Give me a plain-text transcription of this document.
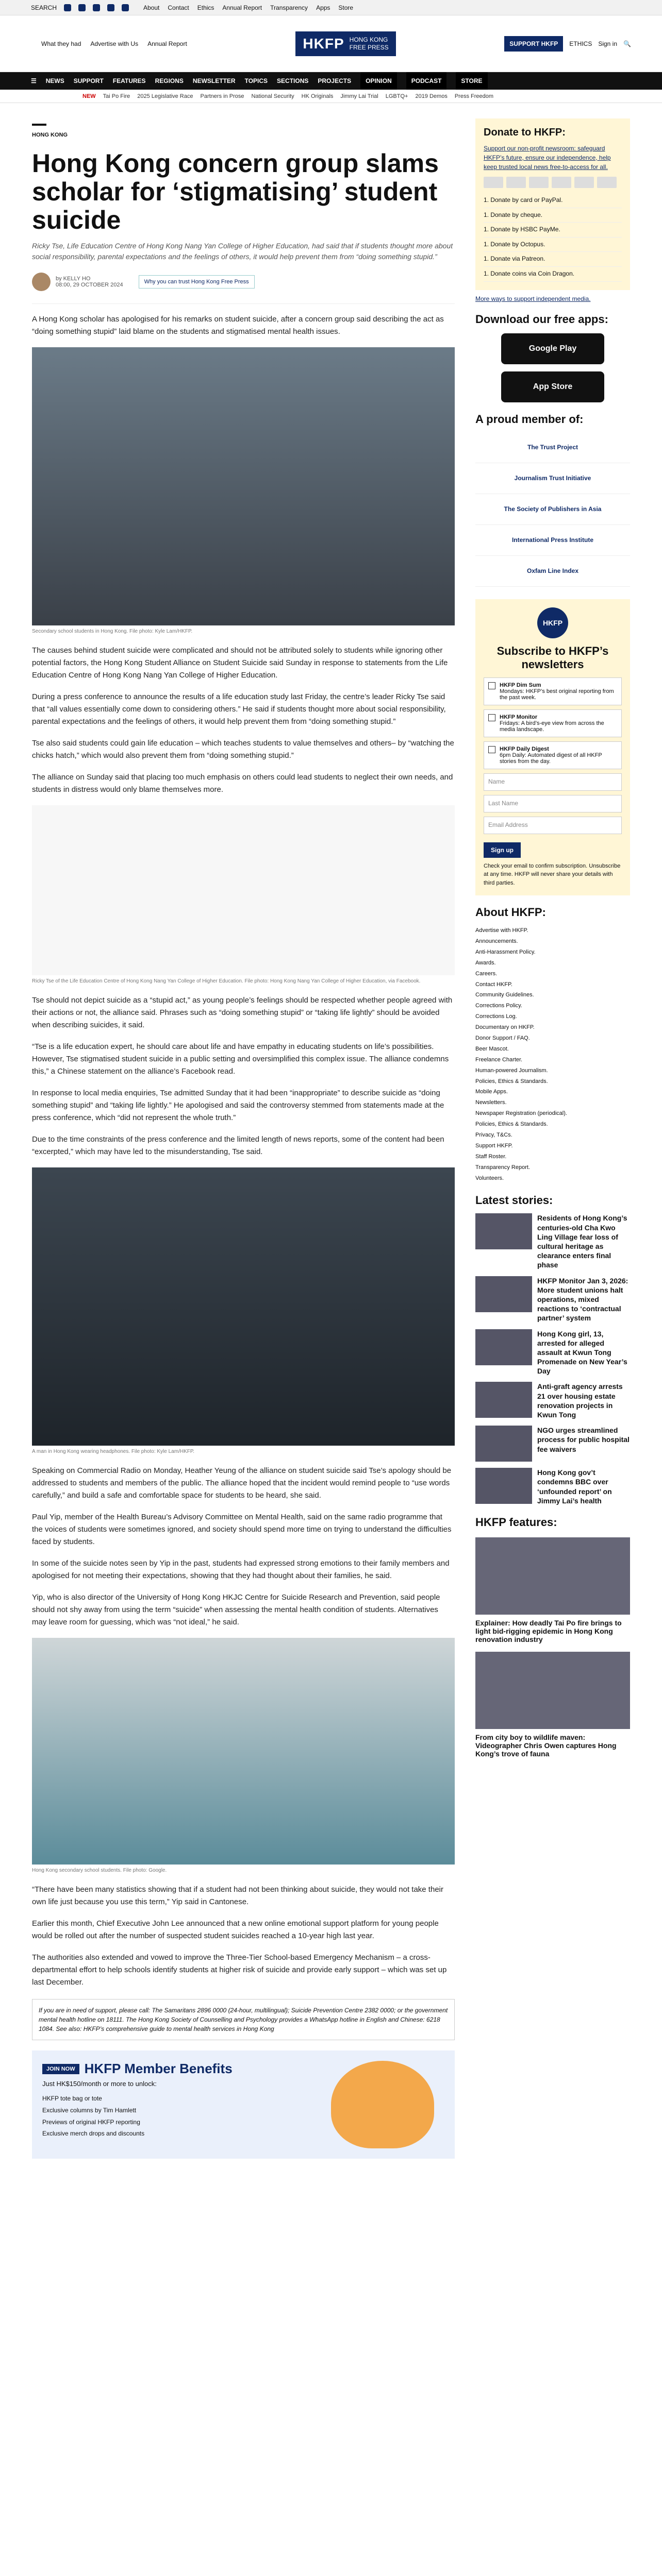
SEARCH	About Contact Ethics Annual Report Transparency Apps Store
What they had Advertise with Us Annual Report	HKFP HONG KONG
FREE PRESS	SUPPORT HKFP	ETHICS Sign in 🔍
☰ NEWS SUPPORT FEATURES REGIONS NEWSLETTER TOPICS SECTIONS PROJECTS	OPINION	PODCAST	STORE
NEW Tai Po Fire 2025 Legislative Race Partners in Prose National Security HK Originals Jimmy Lai Trial LGBTQ+ 2019 Demos Press Freedom
HONG KONG
Hong Kong concern group slams scholar for ‘stigmatising’ student suicide

Ricky Tse, Life Education Centre of Hong Kong Nang Yan College of Higher Education, had said that if students thought more about social responsibility, parental expectations and the feelings of others, it would help prevent them from “doing something stupid.”

by KELLY HO
08:00, 29 OCTOBER 2024	Why you can trust Hong Kong Free Press

A Hong Kong scholar has apologised for his remarks on student suicide, after a concern group said describing the act as “doing something stupid” laid blame on the students and stigmatised mental health issues.

Secondary school students in Hong Kong. File photo: Kyle Lam/HKFP.

The causes behind student suicide were complicated and should not be attributed solely to students while ignoring other potential factors, the Hong Kong Student Alliance on Student Suicide said Sunday in response to statements from the Life Education Centre of Hong Kong Nang Yan College of Higher Education.

During a press conference to announce the results of a life education study last Friday, the centre’s leader Ricky Tse said that “all values essentially come down to considering others.” He said if students thought more about social responsibility, parental expectations and the feelings of others, it would help prevent them from “doing something stupid.”

Tse also said students could gain life education – which teaches students to value themselves and others– by “watching the chicks hatch,” which would also prevent them from “doing something stupid.”

The alliance on Sunday said that placing too much emphasis on others could lead students to neglect their own needs, and students in distress would only blame themselves more.

Ricky Tse of the Life Education Centre of Hong Kong Nang Yan College of Higher Education. File photo: Hong Kong Nang Yan College of Higher Education, via Facebook.

Tse should not depict suicide as a “stupid act,” as young people’s feelings should be respected whether people agreed with their actions or not, the alliance said. Phrases such as “doing something stupid” or “taking life lightly” should be avoided when describing suicides, it said.

“Tse is a life education expert, he should care about life and have empathy in educating students on life’s possibilities. However, Tse stigmatised student suicide in a public setting and oversimplified this complex issue. The alliance condemns this,” a Chinese statement on the alliance’s Facebook read.

In response to local media enquiries, Tse admitted Sunday that it had been “inappropriate” to describe suicide as “doing something stupid” and “taking life lightly.” He apologised and said the controversy stemmed from statements made at the press conference, which “did not represent the whole truth.”

Due to the time constraints of the press conference and the limited length of news reports, some of the content had been “excerpted,” which may have led to the misunderstanding, Tse said.

A man in Hong Kong wearing headphones. File photo: Kyle Lam/HKFP.

Speaking on Commercial Radio on Monday, Heather Yeung of the alliance on student suicide said Tse’s apology should be addressed to students and members of the public. The alliance hoped that the incident would remind people to “use words carefully,” and build a safe and comfortable space for students to be heard, she said.

Paul Yip, member of the Health Bureau’s Advisory Committee on Mental Health, said on the same radio programme that the voices of students were sometimes ignored, and society should spend more time on trying to understand the difficulties faced by students.

In some of the suicide notes seen by Yip in the past, students had expressed strong emotions to their family members and apologised for not meeting their expectations, showing that they had thought about their families, he said.

Yip, who is also director of the University of Hong Kong HKJC Centre for Suicide Research and Prevention, said people should not shy away from using the term “suicide” when assessing the mental health condition of students. Alternatives may leave room for guessing, which was “not ideal,” he said.

Hong Kong secondary school students. File photo: Google.

“There have been many statistics showing that if a student had not been thinking about suicide, they would not take their own life just because you use this term,” Yip said in Cantonese.

Earlier this month, Chief Executive John Lee announced that a new online emotional support platform for young people would be rolled out after the number of suspected student suicides reached a 10-year high last year.

The authorities also extended and vowed to improve the Three-Tier School-based Emergency Mechanism – a cross-departmental effort to help schools identify students at higher risk of suicide and provide early support – which was set up last December.

If you are in need of support, please call: The Samaritans 2896 0000 (24-hour, multilingual); Suicide Prevention Centre 2382 0000; or the government mental health hotline on 18111. The Hong Kong Society of Counselling and Psychology provides a WhatsApp hotline in English and Chinese: 6218 1084. See also: HKFP’s comprehensive guide to mental health services in Hong Kong
JOIN NOW HKFP Member Benefits
Just HK$150/month or more to unlock:
HKFP tote bag or tote
Exclusive columns by Tim Hamlett
Previews of original HKFP reporting
Exclusive merch drops and discounts
Donate to HKFP:

Support our non-profit newsroom: safeguard HKFP’s future, ensure our independence, help keep trusted local news free-to-access for all.

1. Donate by card or PayPal.
1. Donate by cheque.
1. Donate by HSBC PayMe.
1. Donate by Octopus.
1. Donate via Patreon.
1. Donate coins via Coin Dragon.
More ways to support independent media.
Download our free apps:
Google Play
App Store
A proud member of:
The Trust Project
Journalism Trust Initiative
The Society of Publishers in Asia
International Press Institute
Oxfam Line Index
HKFP
Subscribe to HKFP’s newsletters
HKFP Dim Sum
Mondays: HKFP’s best original reporting from the past week.
HKFP Monitor
Fridays: A bird’s-eye view from across the media landscape.
HKFP Daily Digest
6pm Daily: Automated digest of all HKFP stories from the day.
Name
Last Name
Email Address
Sign up

Check your email to confirm subscription. Unsubscribe at any time. HKFP will never share your details with third parties.

About HKFP:
Advertise with HKFP.
Announcements.
Anti-Harassment Policy.
Awards.
Careers.
Contact HKFP.
Community Guidelines.
Corrections Policy.
Corrections Log.
Documentary on HKFP.
Donor Support / FAQ.
Beer Mascot.
Freelance Charter.
Human-powered Journalism.
Policies, Ethics & Standards.
Mobile Apps.
Newsletters.
Newspaper Registration (periodical).
Policies, Ethics & Standards.
Privacy, T&Cs.
Support HKFP.
Staff Roster.
Transparency Report.
Volunteers.
Latest stories:
Residents of Hong Kong’s centuries-old Cha Kwo Ling Village fear loss of cultural heritage as clearance enters final phase
HKFP Monitor Jan 3, 2026: More student unions halt operations, mixed reactions to ‘contractual partner’ system
Hong Kong girl, 13, arrested for alleged assault at Kwun Tong Promenade on New Year’s Day
Anti-graft agency arrests 21 over housing estate renovation projects in Kwun Tong
NGO urges streamlined process for public hospital fee waivers
Hong Kong gov’t condemns BBC over ‘unfounded report’ on Jimmy Lai’s health
HKFP features:
Explainer: How deadly Tai Po fire brings to light bid-rigging epidemic in Hong Kong renovation industry
From city boy to wildlife maven: Videographer Chris Owen captures Hong Kong’s trove of fauna
